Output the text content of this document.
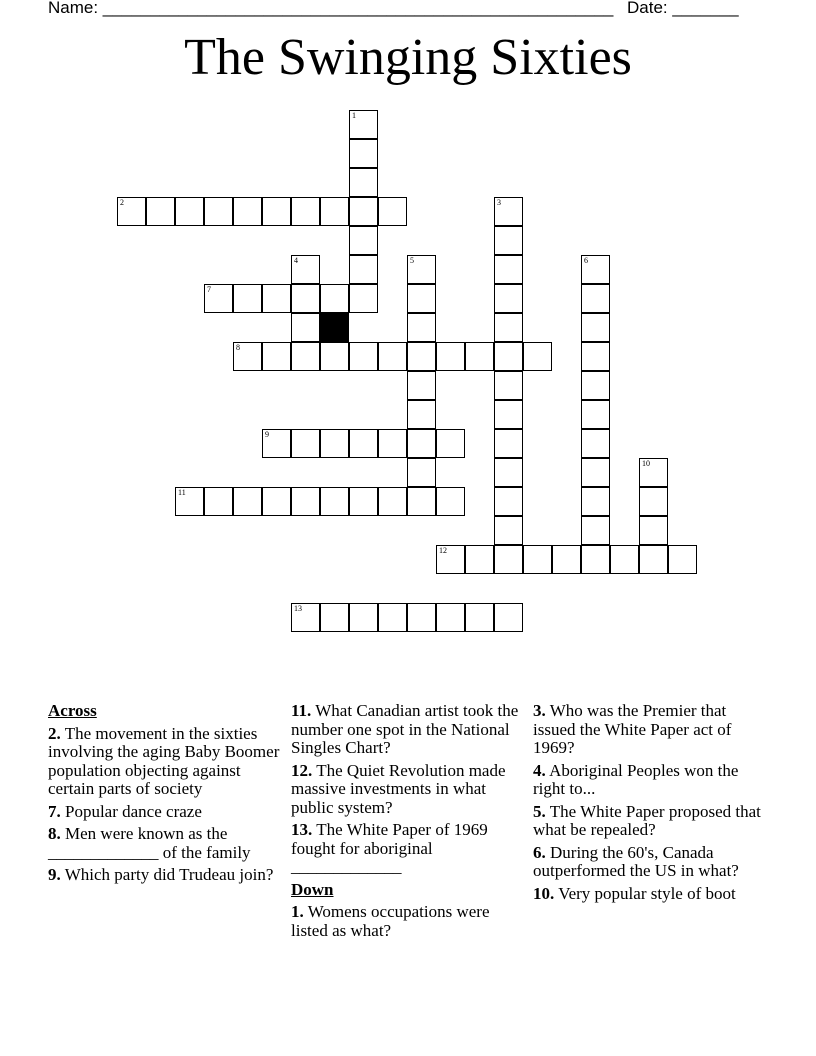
Name: ______________________________________________________ Date: _______
The Swinging Sixties
1
2	3
4	5	6
7
8
9
11
10
12
13
Across
2. The movement in the sixties involving the aging Baby Boomer population objecting against certain parts of society
7. Popular dance craze
8. Men were known as the _____________ of the family
9. Which party did Trudeau join?
11. What Canadian artist took the number one spot in the National Singles Chart?
12. The Quiet Revolution made massive investments in what public system?
13. The White Paper of 1969 fought for aboriginal _____________
Down
1. Womens occupations were listed as what?
3. Who was the Premier that issued the White Paper act of 1969?
4. Aboriginal Peoples won the right to...
5. The White Paper proposed that what be repealed?
6. During the 60's, Canada outperformed the US in what?
10. Very popular style of boot
